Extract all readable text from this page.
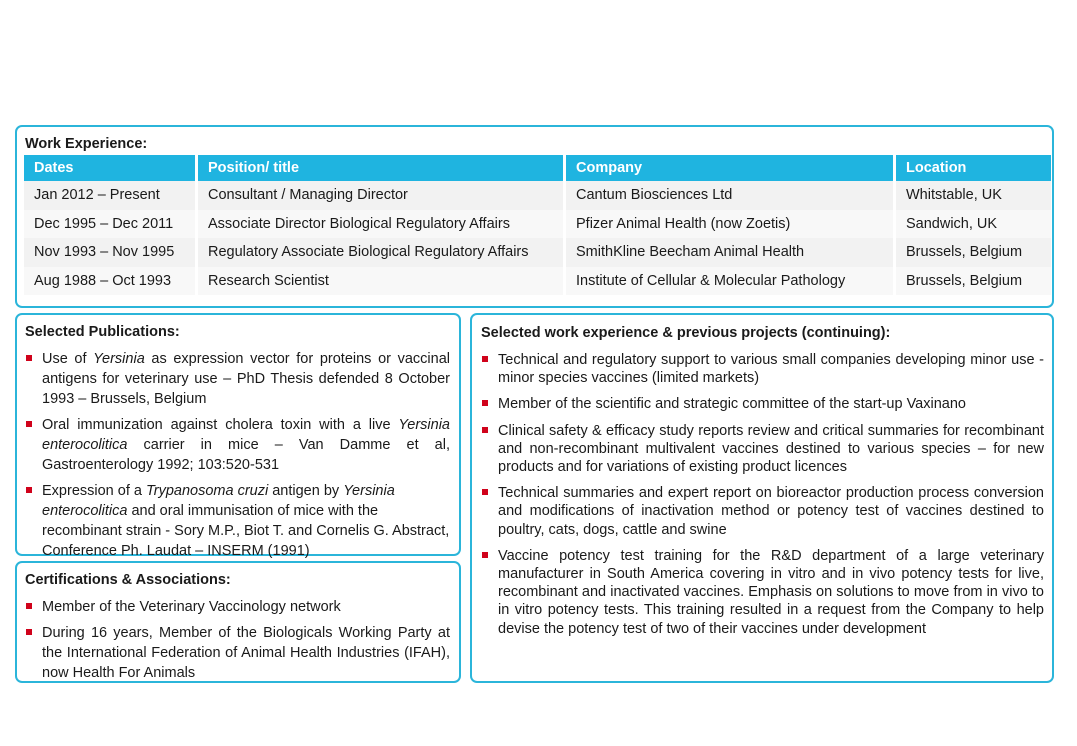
Work Experience:
Dates	Position/ title	Company	Location
Jan 2012 – Present	Consultant / Managing Director	Cantum Biosciences Ltd	Whitstable, UK
Dec 1995 – Dec 2011	Associate Director Biological Regulatory Affairs	Pfizer Animal Health (now Zoetis)	Sandwich, UK
Nov 1993 – Nov 1995	Regulatory Associate Biological Regulatory Affairs	SmithKline Beecham Animal Health	Brussels, Belgium
Aug 1988 – Oct 1993	Research Scientist	Institute of Cellular & Molecular Pathology	Brussels, Belgium
Selected Publications:
Use of Yersinia as expression vector for proteins or vaccinal antigens for veterinary use – PhD Thesis defended 8 October 1993 – Brussels, Belgium
Oral immunization against cholera toxin with a live Yersinia enterocolitica carrier in mice – Van Damme et al, Gastroenterology 1992; 103:520-531
Expression of a Trypanosoma cruzi antigen by Yersinia enterocolitica and oral immunisation of mice with the recombinant strain - Sory M.P., Biot T. and Cornelis G. Abstract, Conference Ph. Laudat – INSERM (1991)
Certifications & Associations:
Member of the Veterinary Vaccinology network
During 16 years, Member of the Biologicals Working Party at the International Federation of Animal Health Industries (IFAH), now Health For Animals
Selected work experience & previous projects (continuing):
Technical and regulatory support to various small companies developing minor use - minor species vaccines (limited markets)
Member of the scientific and strategic committee of the start-up Vaxinano
Clinical safety & efficacy study reports review and critical summaries for recombinant and non-recombinant multivalent vaccines destined to various species – for new products and for variations of existing product licences
Technical summaries and expert report on bioreactor production process conversion and modifications of inactivation method or potency test of vaccines destined to poultry, cats, dogs, cattle and swine
Vaccine potency test training for the R&D department of a large veterinary manufacturer in South America covering in vitro and in vivo potency tests for live, recombinant and inactivated vaccines. Emphasis on solutions to move from in vivo to in vitro potency tests. This training resulted in a request from the Company to help devise the potency test of two of their vaccines under development
